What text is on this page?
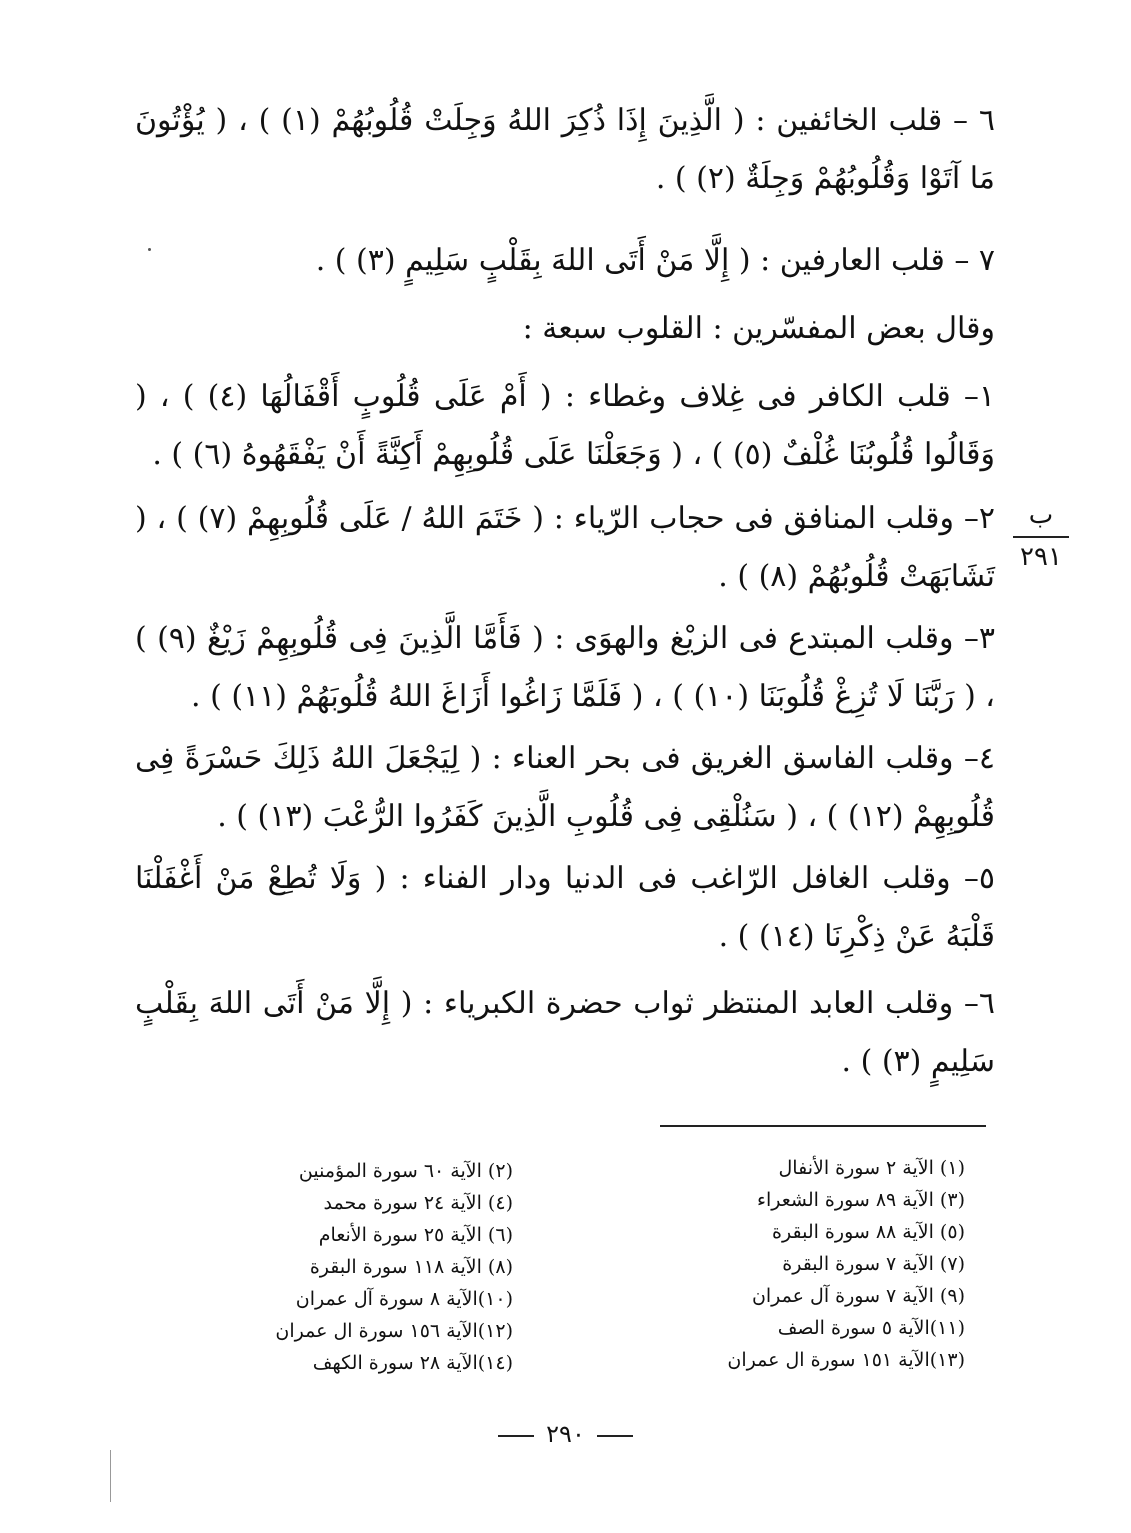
٦ – قلب الخائفين : ( الَّذِينَ إِذَا ذُكِرَ اللهُ وَجِلَتْ قُلُوبُهُمْ (١) ) ، ( يُؤْتُونَ مَا آتَوْا وَقُلُوبُهُمْ وَجِلَةٌ (٢) ) .

٧ – قلب العارفين : ( إِلَّا مَنْ أَتَى اللهَ بِقَلْبٍ سَلِيمٍ (٣) ) .

وقال بعض المفسّرين : القلوب سبعة :

١– قلب الكافر فى غِلاف وغطاء : ( أَمْ عَلَى قُلُوبٍ أَقْفَالُهَا (٤) ) ، ( وَقَالُوا قُلُوبُنَا غُلْفٌ (٥) ) ، ( وَجَعَلْنَا عَلَى قُلُوبِهِمْ أَكِنَّةً أَنْ يَفْقَهُوهُ (٦) ) .

٢– وقلب المنافق فى حجاب الرّياء : ( خَتَمَ اللهُ / عَلَى قُلُوبِهِمْ (٧) ) ، ( تَشَابَهَتْ قُلُوبُهُمْ (٨) ) .

٣– وقلب المبتدع فى الزيْغ والهوَى : ( فَأَمَّا الَّذِينَ فِى قُلُوبِهِمْ زَيْغٌ (٩) ) ، ( رَبَّنَا لَا تُزِغْ قُلُوبَنَا (١٠) ) ، ( فَلَمَّا زَاغُوا أَزَاغَ اللهُ قُلُوبَهُمْ (١١) ) .

٤– وقلب الفاسق الغريق فى بحر العناء : ( لِيَجْعَلَ اللهُ ذَلِكَ حَسْرَةً فِى قُلُوبِهِمْ (١٢) ) ، ( سَنُلْقِى فِى قُلُوبِ الَّذِينَ كَفَرُوا الرُّعْبَ (١٣) ) .

٥– وقلب الغافل الرّاغب فى الدنيا ودار الفناء : ( وَلَا تُطِعْ مَنْ أَغْفَلْنَا قَلْبَهُ عَنْ ذِكْرِنَا (١٤) ) .

٦– وقلب العابد المنتظر ثواب حضرة الكبرياء : ( إِلَّا مَنْ أَتَى اللهَ بِقَلْبٍ سَلِيمٍ (٣) ) .

ب
٢٩١
(١) الآية ٢ سورة الأنفال
(٣) الآية ٨٩ سورة الشعراء
(٥) الآية ٨٨ سورة البقرة
(٧) الآية ٧ سورة البقرة
(٩) الآية ٧ سورة آل عمران
(١١)الآية ٥ سورة الصف
(١٣)الآية ١٥١ سورة ال عمران
(٢) الآية ٦٠ سورة المؤمنين
(٤) الآية ٢٤ سورة محمد
(٦) الآية ٢٥ سورة الأنعام
(٨) الآية ١١٨ سورة البقرة
(١٠)الآية ٨ سورة آل عمران
(١٢)الآية ١٥٦ سورة ال عمران
(١٤)الآية ٢٨ سورة الكهف
٢٩٠
